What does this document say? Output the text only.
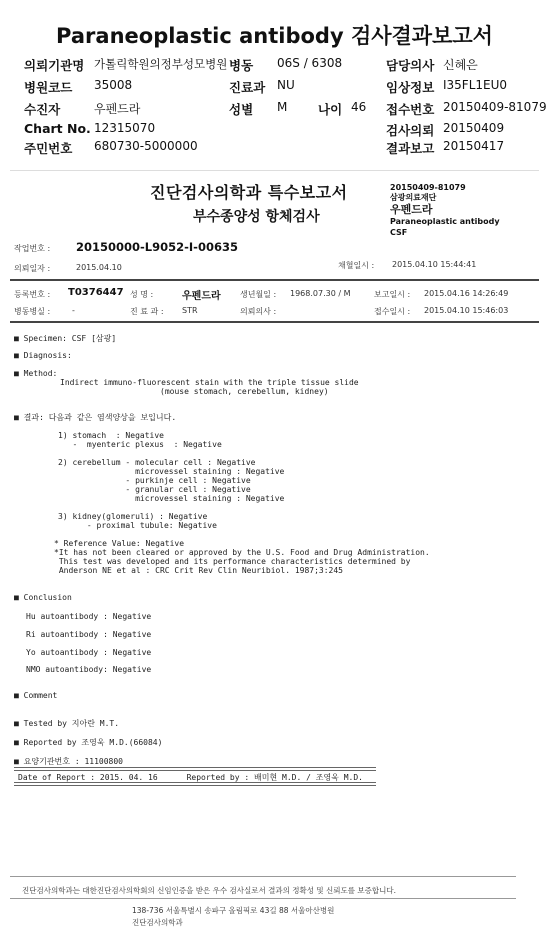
Paraneoplastic antibody 검사결과보고서
의뢰기관명 가톨릭학원의정부성모병원 병동 06S / 6308	담당의사 신혜은
병원코드 35008	진료과 NU	임상정보 I35FL1EU0
수진자	우펜드라	성별 M 나이 46 접수번호 20150409-81079
Chart No. 12315070	검사의뢰 20150409
주민번호 680730-5000000	결과보고 20150417
진단검사의학과 특수보고서
부수종양성 항체검사
20150409-81079
삼광의료재단
우펜드라
Paraneoplastic antibody
CSF
작업번호 : 20150000-L9052-I-00635
의뢰일자 :	2015.04.10	채혈일시 : 2015.04.10 15:44:41
등록번호 : T0376447 성 명 :	우펜드라 생년월일 : 1968.07.30 / M	보고일시 : 2015.04.16 14:26:49
병동병실 :	-	진 료 과 : STR	의뢰의사 :	접수일시 : 2015.04.10 15:46:03
■ Specimen: CSF [삼광]
■ Diagnosis:
■ Method:
Indirect immuno-fluorescent stain with the triple tissue slide
(mouse stomach, cerebellum, kidney)
■ 결과: 다음과 같은 염색양상을 보입니다.
1) stomach  : Negative
-  myenteric plexus  : Negative
2) cerebellum - molecular cell : Negative
microvessel staining : Negative
- purkinje cell : Negative
- granular cell : Negative
microvessel staining : Negative
3) kidney(glomeruli) : Negative
- proximal tubule: Negative
* Reference Value: Negative
*It has not been cleared or approved by the U.S. Food and Drug Administration.
This test was developed and its performance characteristics determined by
Anderson NE et al : CRC Crit Rev Clin Neuribiol. 1987;3:245
■ Conclusion
Hu autoantibody : Negative
Ri autoantibody : Negative
Yo autoantibody : Negative
NMO autoantibody: Negative
■ Comment
■ Tested by 지아란 M.T.
■ Reported by 조영욱 M.D.(66084)
■ 요양기관번호 : 11100800
Date of Report : 2015. 04. 16      Reported by : 배미현 M.D. / 조영욱 M.D.
진단검사의학과는 대한진단검사의학회의 신임인증을 받은 우수 검사실로서 결과의 정확성 및 신뢰도를 보증합니다.
138-736 서울특별시 송파구 올림픽로 43길 88 서울아산병원
진단검사의학과
